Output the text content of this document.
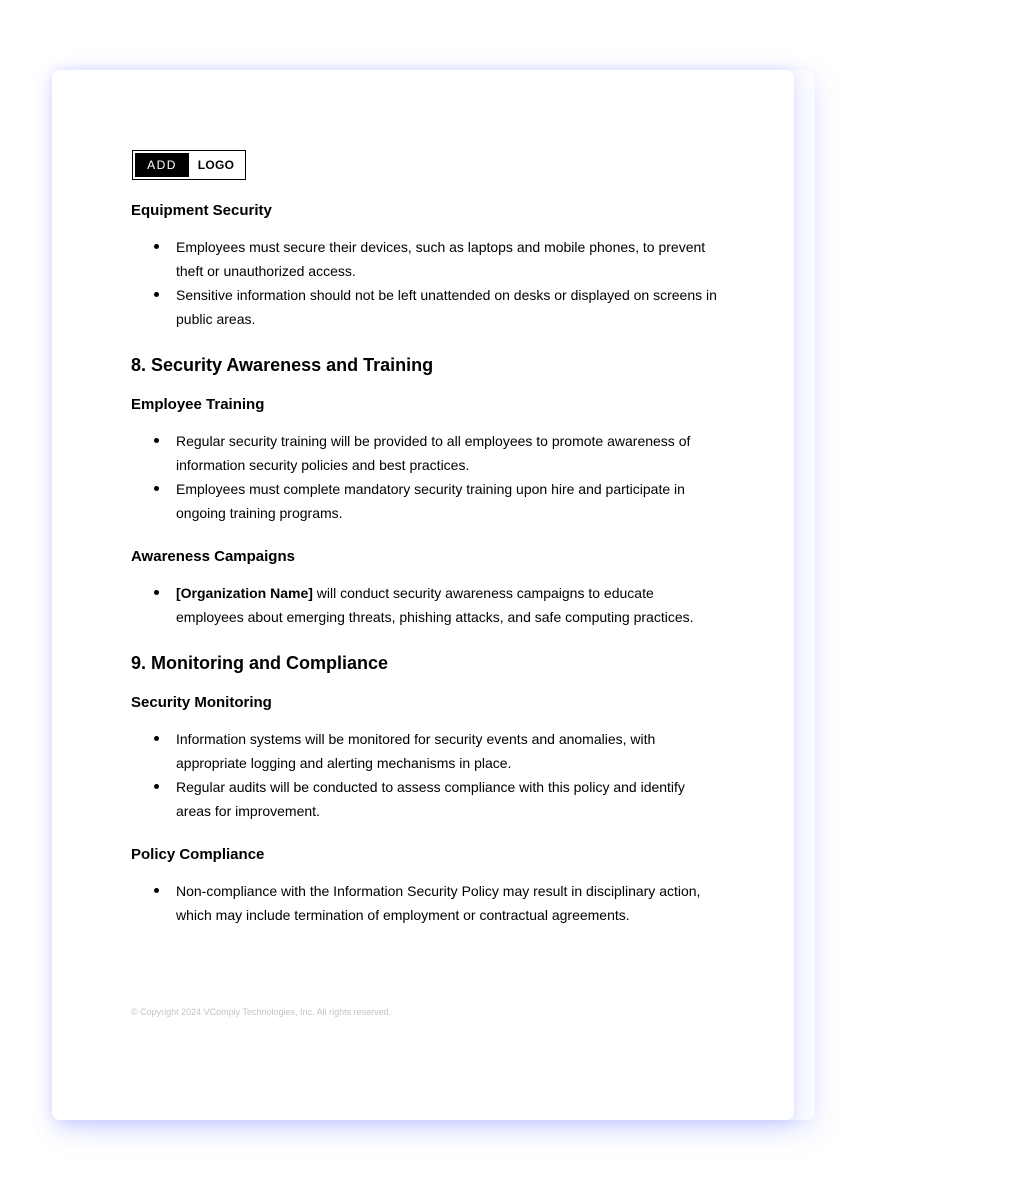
ADD	LOGO
Equipment Security
Employees must secure their devices, such as laptops and mobile phones, to prevent theft or unauthorized access.
Sensitive information should not be left unattended on desks or displayed on screens in public areas.
8. Security Awareness and Training
Employee Training
Regular security training will be provided to all employees to promote awareness of information security policies and best practices.
Employees must complete mandatory security training upon hire and participate in ongoing training programs.
Awareness Campaigns
[Organization Name] will conduct security awareness campaigns to educate employees about emerging threats, phishing attacks, and safe computing practices.
9. Monitoring and Compliance
Security Monitoring
Information systems will be monitored for security events and anomalies, with appropriate logging and alerting mechanisms in place.
Regular audits will be conducted to assess compliance with this policy and identify areas for improvement.
Policy Compliance
Non-compliance with the Information Security Policy may result in disciplinary action, which may include termination of employment or contractual agreements.
© Copyright 2024 VComply Technologies, Inc. All rights reserved.
